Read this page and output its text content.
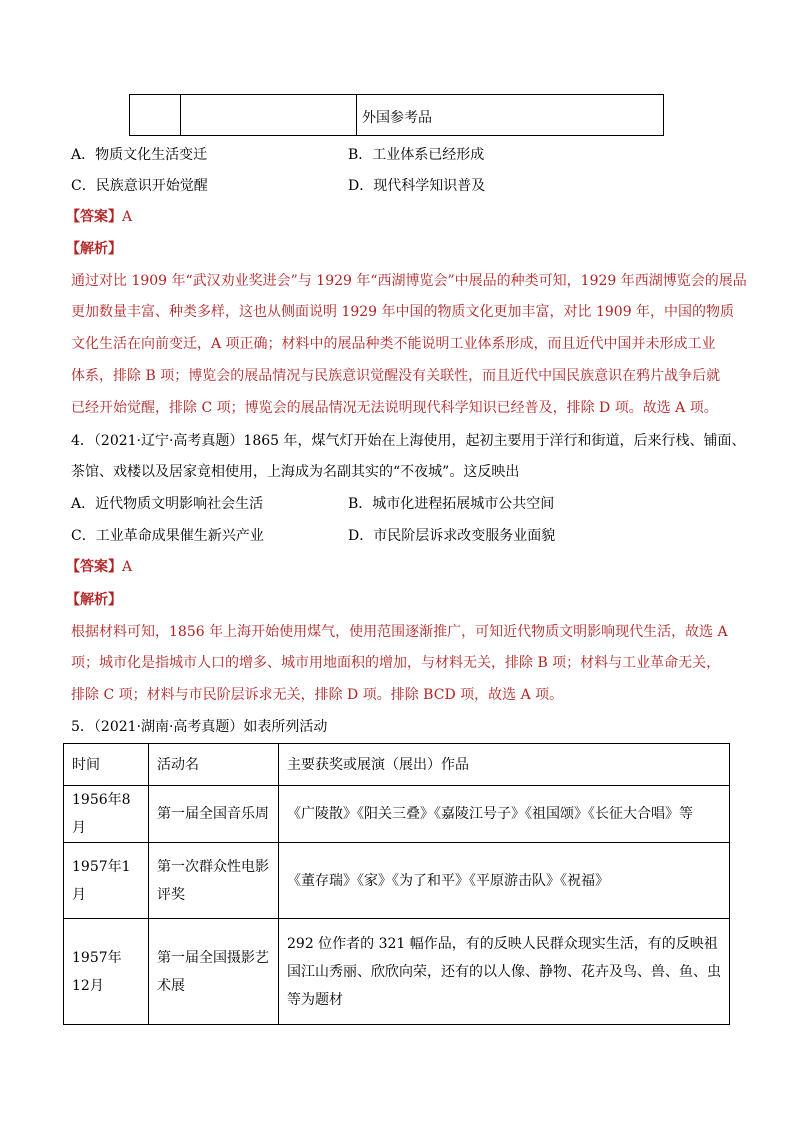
外国参考品
A．物质文化生活变迁	B．工业体系已经形成
C．民族意识开始觉醒	D．现代科学知识普及
【答案】A
【解析】
通过对比 1909 年“武汉劝业奖进会”与 1929 年“西湖博览会”中展品的种类可知，1929 年西湖博览会的展品
更加数量丰富、种类多样，这也从侧面说明 1929 年中国的物质文化更加丰富，对比 1909 年，中国的物质
文化生活在向前变迁，A 项正确；材料中的展品种类不能说明工业体系形成，而且近代中国并未形成工业
体系，排除 B 项；博览会的展品情况与民族意识觉醒没有关联性，而且近代中国民族意识在鸦片战争后就
已经开始觉醒，排除 C 项；博览会的展品情况无法说明现代科学知识已经普及，排除 D 项。故选 A 项。
4．（2021·辽宁·高考真题）1865 年，煤气灯开始在上海使用，起初主要用于洋行和街道，后来行栈、铺面、
茶馆、戏楼以及居家竟相使用，上海成为名副其实的“不夜城”。这反映出
A．近代物质文明影响社会生活	B．城市化进程拓展城市公共空间
C．工业革命成果催生新兴产业	D．市民阶层诉求改变服务业面貌
【答案】A
【解析】
根据材料可知，1856 年上海开始使用煤气，使用范围逐渐推广，可知近代物质文明影响现代生活，故选 A
项；城市化是指城市人口的增多、城市用地面积的增加，与材料无关，排除 B 项；材料与工业革命无关，
排除 C 项；材料与市民阶层诉求无关，排除 D 项。排除 BCD 项，故选 A 项。
5．（2021·湖南·高考真题）如表所列活动
时间	活动名	主要获奖或展演（展出）作品
1956年8月	第一届全国音乐周	《广陵散》《阳关三叠》《嘉陵江号子》《祖国颂》《长征大合唱》等
1957年1月	第一次群众性电影评奖	《董存瑞》《家》《为了和平》《平原游击队》《祝福》
1957年 12月	第一届全国摄影艺术展	292 位作者的 321 幅作品，有的反映人民群众现实生活，有的反映祖国江山秀丽、欣欣向荣，还有的以人像、静物、花卉及鸟、兽、鱼、虫等为题材
